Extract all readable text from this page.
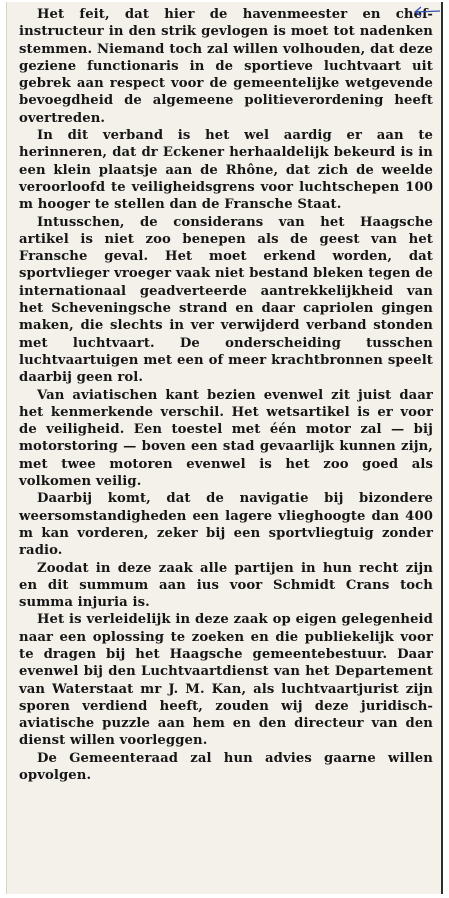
Het feit, dat hier de havenmeester en chef-instructeur in den strik gevlogen is moet tot nadenken stemmen. Niemand toch zal willen volhouden, dat deze geziene functionaris in de sportieve luchtvaart uit gebrek aan respect voor de gemeentelijke wetgevende bevoegdheid de algemeene politieverordening heeft overtreden.

In dit verband is het wel aardig er aan te herinneren, dat dr Eckener herhaaldelijk bekeurd is in een klein plaatsje aan de Rhône, dat zich de weelde veroorloofd te veiligheidsgrens voor luchtschepen 100 m hooger te stellen dan de Fransche Staat.

Intusschen, de considerans van het Haagsche artikel is niet zoo benepen als de geest van het Fransche geval. Het moet erkend worden, dat sportvlieger vroeger vaak niet bestand bleken tegen de internationaal geadverteerde aantrekkelijkheid van het Scheveningsche strand en daar capriolen gingen maken, die slechts in ver verwijderd verband stonden met luchtvaart. De onderscheiding tusschen luchtvaartuigen met een of meer krachtbronnen speelt daarbij geen rol.

Van aviatischen kant bezien evenwel zit juist daar het kenmerkende verschil. Het wetsartikel is er voor de veiligheid. Een toestel met één motor zal — bij motorstoring — boven een stad gevaarlijk kunnen zijn, met twee motoren evenwel is het zoo goed als volkomen veilig.

Daarbij komt, dat de navigatie bij bizondere weersomstandigheden een lagere vlieghoogte dan 400 m kan vorderen, zeker bij een sportvliegtuig zonder radio.

Zoodat in deze zaak alle partijen in hun recht zijn en dit summum aan ius voor Schmidt Crans toch summa injuria is.

Het is verleidelijk in deze zaak op eigen gelegenheid naar een oplossing te zoeken en die publiekelijk voor te dragen bij het Haagsche gemeentebestuur. Daar evenwel bij den Luchtvaartdienst van het Departement van Waterstaat mr J. M. Kan, als luchtvaartjurist zijn sporen verdiend heeft, zouden wij deze juridisch-aviatische puzzle aan hem en den directeur van den dienst willen voorleggen.

De Gemeenteraad zal hun advies gaarne willen opvolgen.
